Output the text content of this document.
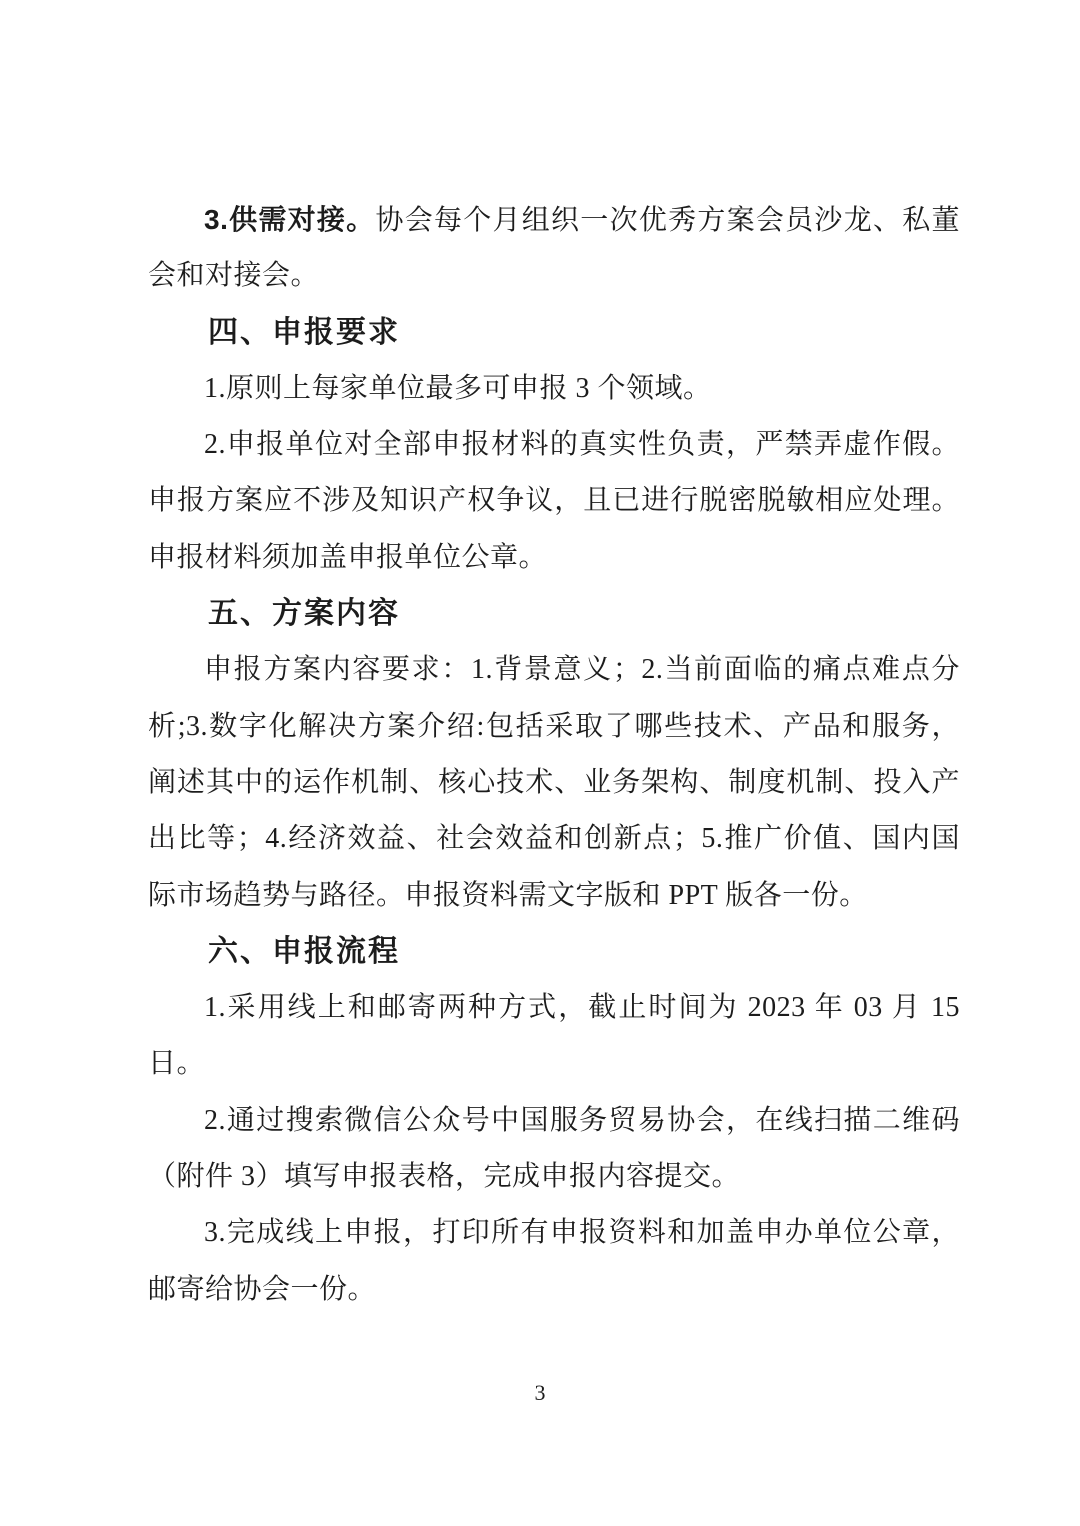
3.供需对接。协会每个月组织一次优秀方案会员沙龙、私董
会和对接会。
四、申报要求
1.原则上每家单位最多可申报 3 个领域。
2.申报单位对全部申报材料的真实性负责，严禁弄虚作假。
申报方案应不涉及知识产权争议，且已进行脱密脱敏相应处理。
申报材料须加盖申报单位公章。
五、方案内容
申报方案内容要求：1.背景意义；2.当前面临的痛点难点分
析;3.数字化解决方案介绍:包括采取了哪些技术、产品和服务，
阐述其中的运作机制、核心技术、业务架构、制度机制、投入产
出比等；4.经济效益、社会效益和创新点；5.推广价值、国内国
际市场趋势与路径。申报资料需文字版和 PPT 版各一份。
六、申报流程
1.采用线上和邮寄两种方式，截止时间为 2023 年 03 月 15
日。
2.通过搜索微信公众号中国服务贸易协会，在线扫描二维码
（附件 3）填写申报表格，完成申报内容提交。
3.完成线上申报，打印所有申报资料和加盖申办单位公章，
邮寄给协会一份。
3
